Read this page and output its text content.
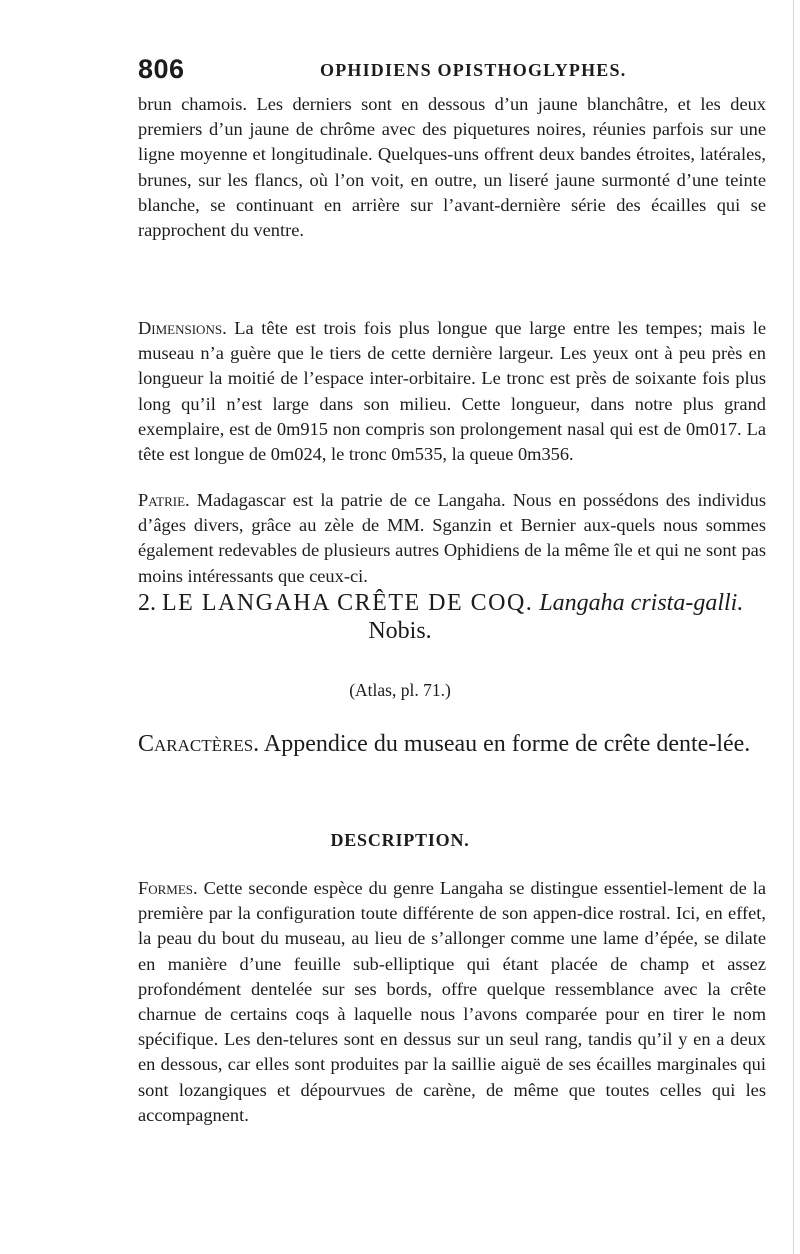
806	OPHIDIENS OPISTHOGLYPHES.

brun chamois. Les derniers sont en dessous d’un jaune blanchâtre, et les deux premiers d’un jaune de chrôme avec des piquetures noires, réunies parfois sur une ligne moyenne et longitudinale. Quelques-uns offrent deux bandes étroites, latérales, brunes, sur les flancs, où l’on voit, en outre, un liseré jaune surmonté d’une teinte blanche, se continuant en arrière sur l’avant-dernière série des écailles qui se rapprochent du ventre.

Dimensions. La tête est trois fois plus longue que large entre les tempes; mais le museau n’a guère que le tiers de cette dernière largeur. Les yeux ont à peu près en longueur la moitié de l’espace inter-orbitaire. Le tronc est près de soixante fois plus long qu’il n’est large dans son milieu. Cette longueur, dans notre plus grand exemplaire, est de 0m915 non compris son prolongement nasal qui est de 0m017. La tête est longue de 0m024, le tronc 0m535, la queue 0m356.

Patrie. Madagascar est la patrie de ce Langaha. Nous en possédons des individus d’âges divers, grâce au zèle de MM. Sganzin et Bernier aux-quels nous sommes également redevables de plusieurs autres Ophidiens de la même île et qui ne sont pas moins intéressants que ceux-ci.

2. LE LANGAHA CRÊTE DE COQ. Langaha crista-galli.

Nobis.

(Atlas, pl. 71.)

Caractères. Appendice du museau en forme de crête dente-lée.

DESCRIPTION.

Formes. Cette seconde espèce du genre Langaha se distingue essentiel-lement de la première par la configuration toute différente de son appen-dice rostral. Ici, en effet, la peau du bout du museau, au lieu de s’allonger comme une lame d’épée, se dilate en manière d’une feuille sub-elliptique qui étant placée de champ et assez profondément dentelée sur ses bords, offre quelque ressemblance avec la crête charnue de certains coqs à laquelle nous l’avons comparée pour en tirer le nom spécifique. Les den-telures sont en dessus sur un seul rang, tandis qu’il y en a deux en dessous, car elles sont produites par la saillie aiguë de ses écailles marginales qui sont lozangiques et dépourvues de carène, de même que toutes celles qui les accompagnent.
